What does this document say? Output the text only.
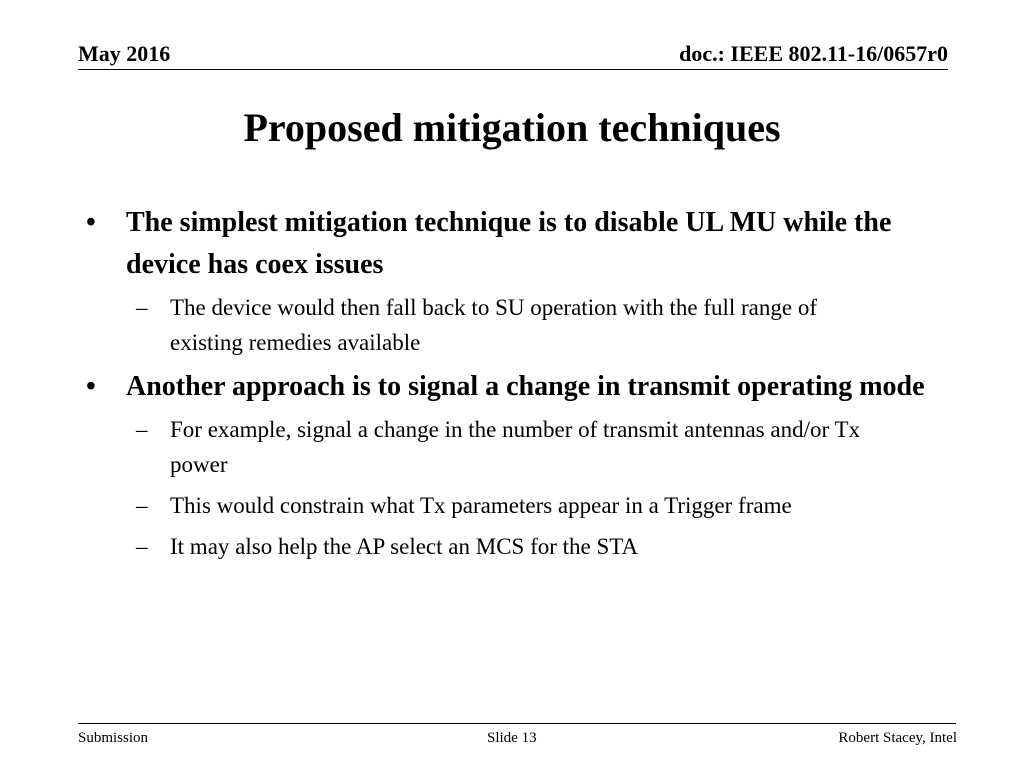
May 2016	doc.: IEEE 802.11-16/0657r0
Proposed mitigation techniques
• The simplest mitigation technique is to disable UL MU while the device has coex issues
– The device would then fall back to SU operation with the full range of existing remedies available
• Another approach is to signal a change in transmit operating mode
– For example, signal a change in the number of transmit antennas and/or Tx power
– This would constrain what Tx parameters appear in a Trigger frame
– It may also help the AP select an MCS for the STA
Submission	Slide 13	Robert Stacey, Intel
